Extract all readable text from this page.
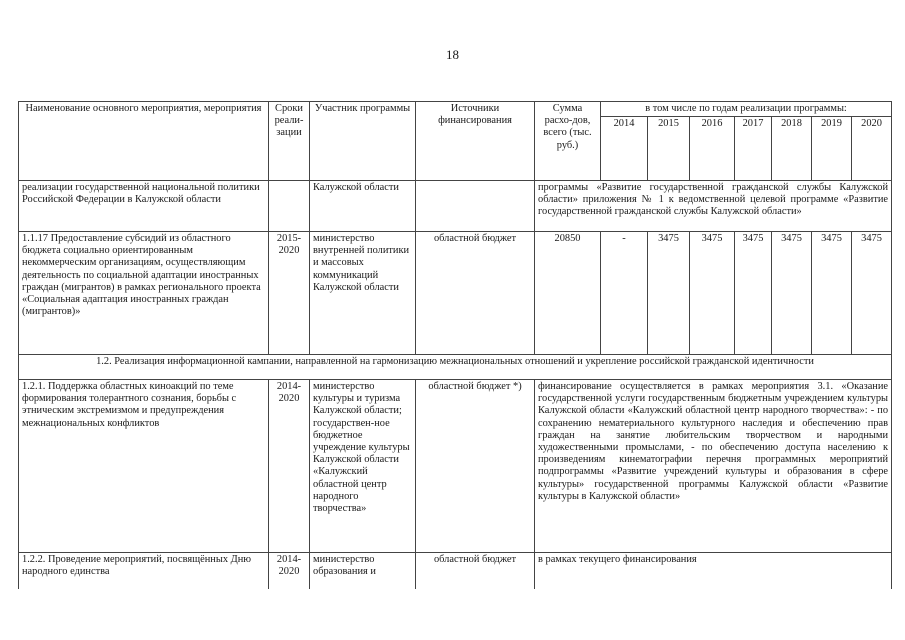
18
Наименование основного мероприятия, мероприятия	Сроки реали-зации	Участник программы	Источники финансирования	Сумма расхо-дов, всего (тыс. руб.)	в том числе по годам реализации программы:						
					2014	2015	2016	2017	2018	2019	2020
реализации государственной национальной политики Российской Федерации в Калужской области		Калужской области		программы «Развитие государственной гражданской службы Калужской области» приложения № 1 к ведомственной целевой программе «Развитие государственной гражданской службы Калужской области»							
1.1.17 Предоставление субсидий из областного бюджета социально ориентированным некоммерческим организациям, осуществляющим деятельность по социальной адаптации иностранных граждан (мигрантов) в рамках регионального проекта «Социальная адаптация иностранных граждан (мигрантов)»	2015-2020	министерство внутренней политики и массовых коммуникаций Калужской области	областной бюджет	20850	-	3475	3475	3475	3475	3475	3475
1.2. Реализация информационной кампании, направленной на гармонизацию межнациональных отношений и укрепление российской гражданской идентичности											
1.2.1. Поддержка областных киноакций по теме формирования толерантного сознания, борьбы с этническим экстремизмом и предупреждения межнациональных конфликтов	2014-2020	министерство культуры и туризма Калужской области; государствен-ное бюджетное учреждение культуры Калужской области «Калужский областной центр народного творчества»	областной бюджет *)	финансирование осуществляется в рамках мероприятия 3.1. «Оказание государственной услуги государственным бюджетным учреждением культуры Калужской области «Калужский областной центр народного творчества»: - по сохранению нематериального культурного наследия и обеспечению прав граждан на занятие любительским творчеством и народными художественными промыслами, - по обеспечению доступа населению к произведениям кинематографии перечня программных мероприятий подпрограммы «Развитие учреждений культуры и образования в сфере культуры» государственной программы Калужской области «Развитие культуры в Калужской области»							
1.2.2. Проведение мероприятий, посвящённых Дню народного единства	2014-2020	министерство образования и	областной бюджет	в рамках текущего финансирования							
